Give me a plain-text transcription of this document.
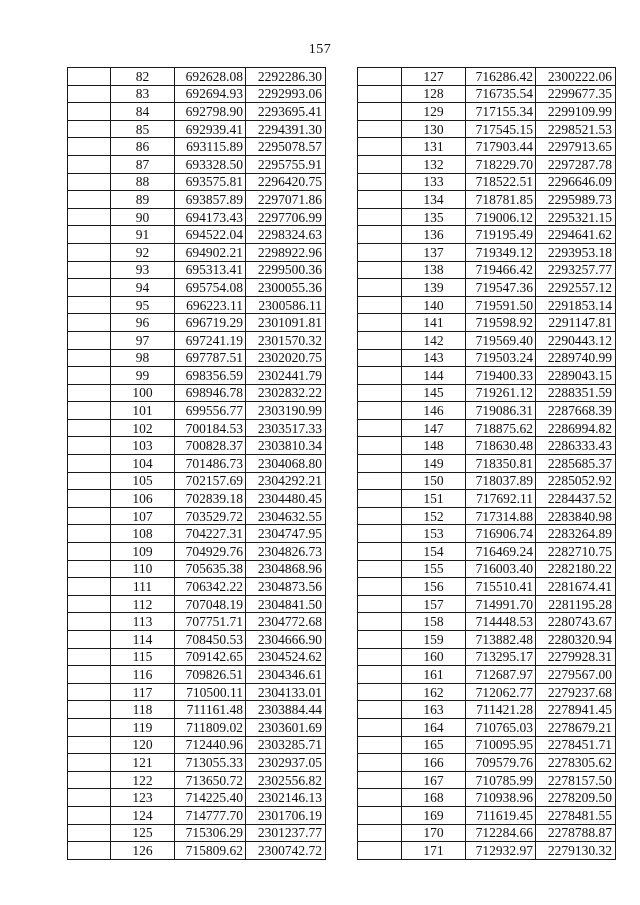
157
	82	692628.08	2292286.30
	83	692694.93	2292993.06
	84	692798.90	2293695.41
	85	692939.41	2294391.30
	86	693115.89	2295078.57
	87	693328.50	2295755.91
	88	693575.81	2296420.75
	89	693857.89	2297071.86
	90	694173.43	2297706.99
	91	694522.04	2298324.63
	92	694902.21	2298922.96
	93	695313.41	2299500.36
	94	695754.08	2300055.36
	95	696223.11	2300586.11
	96	696719.29	2301091.81
	97	697241.19	2301570.32
	98	697787.51	2302020.75
	99	698356.59	2302441.79
	100	698946.78	2302832.22
	101	699556.77	2303190.99
	102	700184.53	2303517.33
	103	700828.37	2303810.34
	104	701486.73	2304068.80
	105	702157.69	2304292.21
	106	702839.18	2304480.45
	107	703529.72	2304632.55
	108	704227.31	2304747.95
	109	704929.76	2304826.73
	110	705635.38	2304868.96
	111	706342.22	2304873.56
	112	707048.19	2304841.50
	113	707751.71	2304772.68
	114	708450.53	2304666.90
	115	709142.65	2304524.62
	116	709826.51	2304346.61
	117	710500.11	2304133.01
	118	711161.48	2303884.44
	119	711809.02	2303601.69
	120	712440.96	2303285.71
	121	713055.33	2302937.05
	122	713650.72	2302556.82
	123	714225.40	2302146.13
	124	714777.70	2301706.19
	125	715306.29	2301237.77
	126	715809.62	2300742.72
	127	716286.42	2300222.06
	128	716735.54	2299677.35
	129	717155.34	2299109.99
	130	717545.15	2298521.53
	131	717903.44	2297913.65
	132	718229.70	2297287.78
	133	718522.51	2296646.09
	134	718781.85	2295989.73
	135	719006.12	2295321.15
	136	719195.49	2294641.62
	137	719349.12	2293953.18
	138	719466.42	2293257.77
	139	719547.36	2292557.12
	140	719591.50	2291853.14
	141	719598.92	2291147.81
	142	719569.40	2290443.12
	143	719503.24	2289740.99
	144	719400.33	2289043.15
	145	719261.12	2288351.59
	146	719086.31	2287668.39
	147	718875.62	2286994.82
	148	718630.48	2286333.43
	149	718350.81	2285685.37
	150	718037.89	2285052.92
	151	717692.11	2284437.52
	152	717314.88	2283840.98
	153	716906.74	2283264.89
	154	716469.24	2282710.75
	155	716003.40	2282180.22
	156	715510.41	2281674.41
	157	714991.70	2281195.28
	158	714448.53	2280743.67
	159	713882.48	2280320.94
	160	713295.17	2279928.31
	161	712687.97	2279567.00
	162	712062.77	2279237.68
	163	711421.28	2278941.45
	164	710765.03	2278679.21
	165	710095.95	2278451.71
	166	709579.76	2278305.62
	167	710785.99	2278157.50
	168	710938.96	2278209.50
	169	711619.45	2278481.55
	170	712284.66	2278788.87
	171	712932.97	2279130.32
